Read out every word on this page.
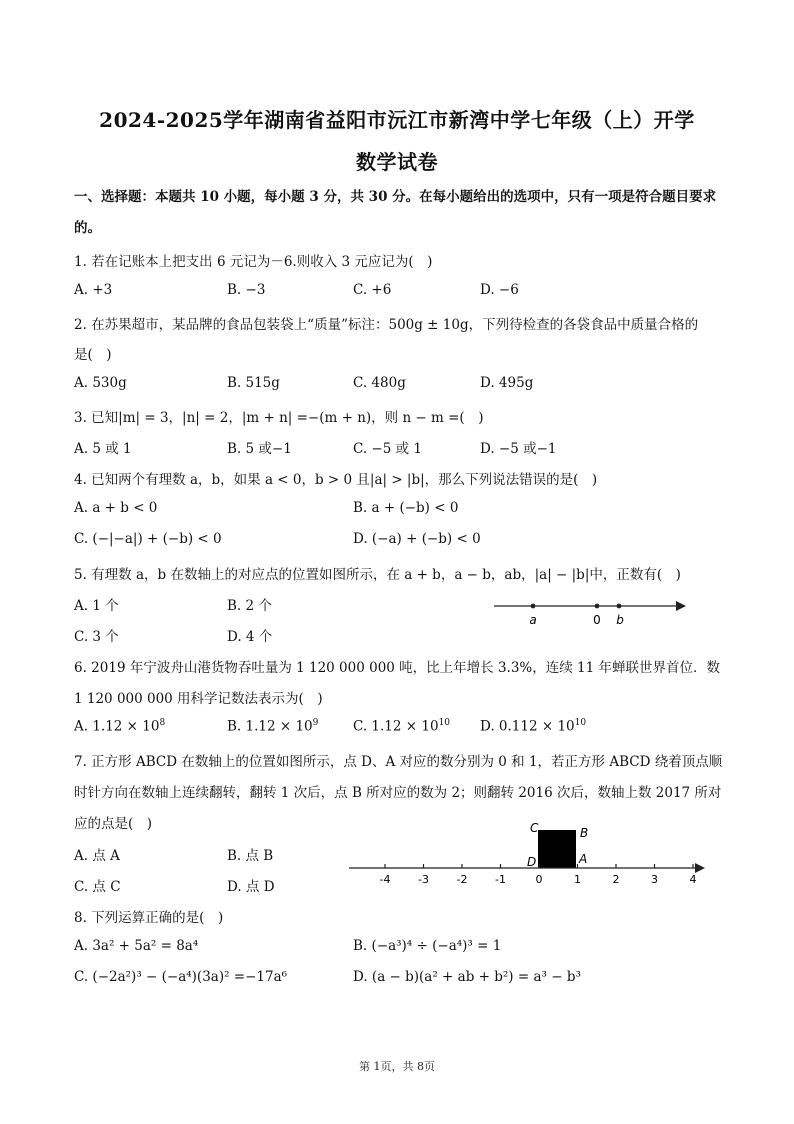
2024-2025学年湖南省益阳市沅江市新湾中学七年级（上）开学
数学试卷
一、选择题：本题共 10 小题，每小题 3 分，共 30 分。在每小题给出的选项中，只有一项是符合题目要求
的。
1. 若在记账本上把支出 6 元记为－6.则收入 3 元应记为(　)
A. +3	B. −3	C. +6	D. −6
2. 在苏果超市，某品牌的食品包装袋上“质量”标注：500g ± 10g，下列待检查的各袋食品中质量合格的
是(　)
A. 530g	B. 515g	C. 480g	D. 495g
3. 已知|m| = 3，|n| = 2，|m + n| =−(m + n)，则 n − m =(　)
A. 5 或 1	B. 5 或−1	C. −5 或 1	D. −5 或−1
4. 已知两个有理数 a，b，如果 a < 0，b > 0 且|a| > |b|，那么下列说法错误的是(　)
A. a + b < 0	B. a + (−b) < 0
C. (−|−a|) + (−b) < 0	D. (−a) + (−b) < 0
5. 有理数 a，b 在数轴上的对应点的位置如图所示，在 a + b，a − b，ab，|a| − |b|中，正数有(　)
A. 1 个	B. 2 个
C. 3 个	D. 4 个
a	0 b
6. 2019 年宁波舟山港货物吞吐量为 1 120 000 000 吨，比上年增长 3.3%，连续 11 年蝉联世界首位．数
1 120 000 000 用科学记数法表示为(　)
A. $1.12 \times 10^8$	B. $1.12 \times 10^9$	C. $1.12 \times 10^{10}$ D. $0.112 \times 10^{10}$
7. 正方形 ABCD 在数轴上的位置如图所示，点 D、A 对应的数分别为 0 和 1，若正方形 ABCD 绕着顶点顺
时针方向在数轴上连续翻转，翻转 1 次后，点 B 所对应的数为 2；则翻转 2016 次后，数轴上数 2017 所对
应的点是(　)
A. 点 A	B. 点 B
C. 点 C	D. 点 D
C	B
D	A
-4	-3	-2	-1	0	1	2	3	4
8. 下列运算正确的是(　)
A. 3a² + 5a² = 8a⁴	B. (−a³)⁴ ÷ (−a⁴)³ = 1
C. (−2a²)³ − (−a⁴)(3a)² =−17a⁶	D. (a − b)(a² + ab + b²) = a³ − b³
第 1页，共 8页
